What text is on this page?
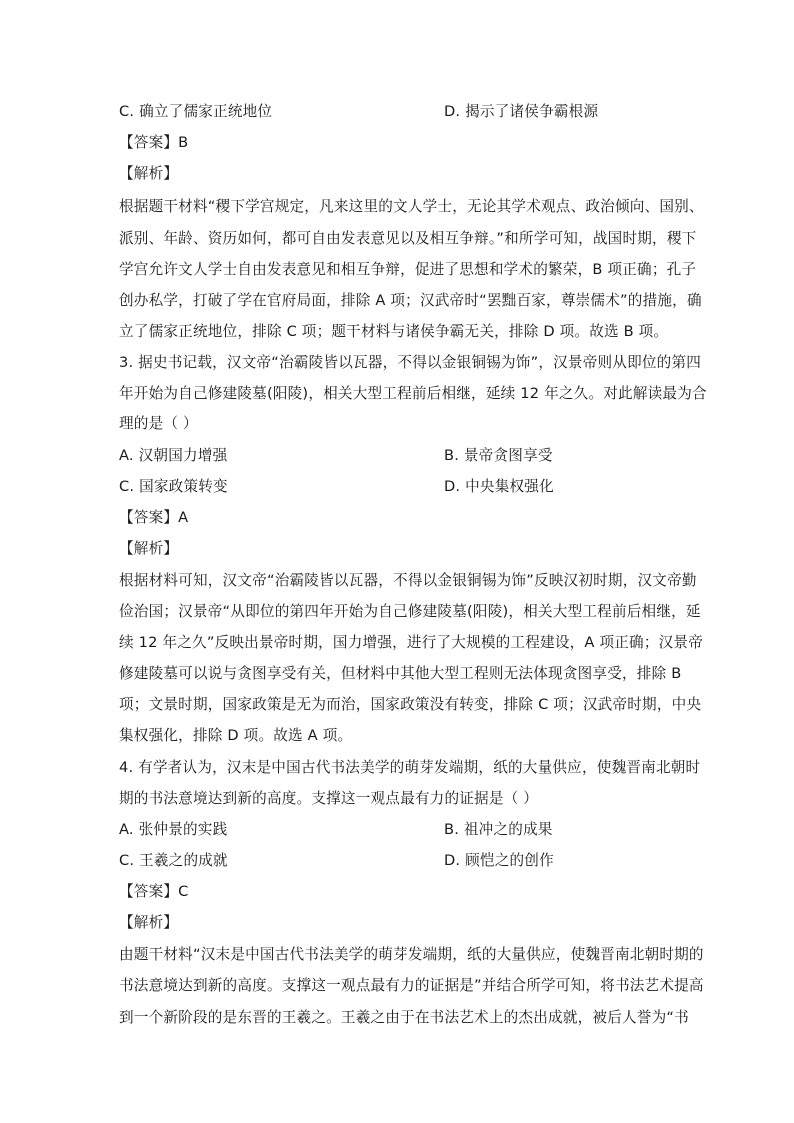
C. 确立了儒家正统地位	D. 揭示了诸侯争霸根源
【答案】B
【解析】
根据题干材料“稷下学宫规定，凡来这里的文人学士，无论其学术观点、政治倾向、国别、
派别、年龄、资历如何，都可自由发表意见以及相互争辩。”和所学可知，战国时期，稷下
学宫允许文人学士自由发表意见和相互争辩，促进了思想和学术的繁荣，B 项正确；孔子
创办私学，打破了学在官府局面，排除 A 项；汉武帝时“罢黜百家，尊崇儒术”的措施，确
立了儒家正统地位，排除 C 项；题干材料与诸侯争霸无关，排除 D 项。故选 B 项。
3. 据史书记载，汉文帝“治霸陵皆以瓦器，不得以金银铜锡为饰”，汉景帝则从即位的第四
年开始为自己修建陵墓(阳陵)，相关大型工程前后相继，延续 12 年之久。对此解读最为合
理的是（ ）
A. 汉朝国力增强	B. 景帝贪图享受
C. 国家政策转变	D. 中央集权强化
【答案】A
【解析】
根据材料可知，汉文帝“治霸陵皆以瓦器，不得以金银铜锡为饰”反映汉初时期，汉文帝勤
俭治国；汉景帝“从即位的第四年开始为自己修建陵墓(阳陵)，相关大型工程前后相继，延
续 12 年之久”反映出景帝时期，国力增强，进行了大规模的工程建设，A 项正确；汉景帝
修建陵墓可以说与贪图享受有关，但材料中其他大型工程则无法体现贪图享受，排除 B
项；文景时期，国家政策是无为而治，国家政策没有转变，排除 C 项；汉武帝时期，中央
集权强化，排除 D 项。故选 A 项。
4. 有学者认为，汉末是中国古代书法美学的萌芽发端期，纸的大量供应，使魏晋南北朝时
期的书法意境达到新的高度。支撑这一观点最有力的证据是（ ）
A. 张仲景的实践	B. 祖冲之的成果
C. 王羲之的成就	D. 顾恺之的创作
【答案】C
【解析】
由题干材料“汉末是中国古代书法美学的萌芽发端期，纸的大量供应，使魏晋南北朝时期的
书法意境达到新的高度。支撑这一观点最有力的证据是”并结合所学可知，将书法艺术提高
到一个新阶段的是东晋的王羲之。王羲之由于在书法艺术上的杰出成就，被后人誉为“书
